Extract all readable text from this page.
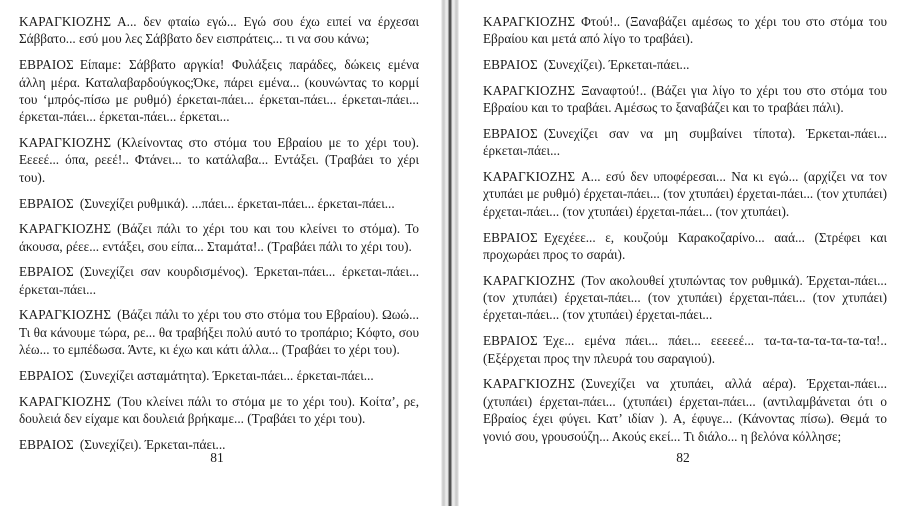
ΚΑΡΑΓΚΙΟΖΗΣ Α... δεν φταίω εγώ... Εγώ σου έχω ειπεί να έρχεσαι Σάββατο... εσύ μου λες Σάββατο δεν εισπράτεις... τι να σου κάνω;

ΕΒΡΑΙΟΣ Είπαμε: Σάββατο αργκία! Φυλάξεις παράδες, δώκεις εμένα άλλη μέρα. Καταλαβαρδούγκος;Όκε, πάρει εμένα... (κουνώντας το κορμί του ‘μπρός-πίσω με ρυθμό) έρκεται-πάει... έρκεται-πάει... έρκεται-πάει... έρκεται-πάει... έρκεται-πάει... έρκεται...

ΚΑΡΑΓΚΙΟΖΗΣ (Κλείνοντας στο στόμα του Εβραίου με το χέρι του). Εεεεέ... όπα, ρεεέ!.. Φτάνει... το κατάλαβα... Εντάξει. (Τραβάει το χέρι του).

ΕΒΡΑΙΟΣ (Συνεχίζει ρυθμικά). ...πάει... έρκεται-πάει... έρκεται-πάει...

ΚΑΡΑΓΚΙΟΖΗΣ (Βάζει πάλι το χέρι του και του κλείνει το στόμα). Το άκουσα, ρέεε... εντάξει, σου είπα... Σταμάτα!.. (Τραβάει πάλι το χέρι του).

ΕΒΡΑΙΟΣ (Συνεχίζει σαν κουρδισμένος). Έρκεται-πάει... έρκεται-πάει... έρκεται-πάει...

ΚΑΡΑΓΚΙΟΖΗΣ (Βάζει πάλι το χέρι του στο στόμα του Εβραίου). Ωωώ... Τι θα κάνουμε τώρα, ρε... θα τραβήξει πολύ αυτό το τροπάριο; Κόφτο, σου λέω... το εμπέδωσα. Άντε, κι έχω και κάτι άλλα... (Τραβάει το χέρι του).

ΕΒΡΑΙΟΣ (Συνεχίζει ασταμάτητα). Έρκεται-πάει... έρκεται-πάει...

ΚΑΡΑΓΚΙΟΖΗΣ (Του κλείνει πάλι το στόμα με το χέρι του). Κοίτα’, ρε, δουλειά δεν είχαμε και δουλειά βρήκαμε... (Τραβάει το χέρι του).

ΕΒΡΑΙΟΣ (Συνεχίζει). Έρκεται-πάει...

81

ΚΑΡΑΓΚΙΟΖΗΣ Φτού!.. (Ξαναβάζει αμέσως το χέρι του στο στόμα του Εβραίου και μετά από λίγο το τραβάει).

ΕΒΡΑΙΟΣ (Συνεχίζει). Έρκεται-πάει...

ΚΑΡΑΓΚΙΟΖΗΣ Ξαναφτού!.. (Βάζει για λίγο το χέρι του στο στόμα του Εβραίου και το τραβάει. Αμέσως το ξαναβάζει και το τραβάει πάλι).

ΕΒΡΑΙΟΣ (Συνεχίζει σαν να μη συμβαίνει τίποτα). Έρκεται-πάει... έρκεται-πάει...

ΚΑΡΑΓΚΙΟΖΗΣ Α... εσύ δεν υποφέρεσαι... Να κι εγώ... (αρχίζει να τον χτυπάει με ρυθμό) έρχεται-πάει... (τον χτυπάει) έρχεται-πάει... (τον χτυπάει) έρχεται-πάει... (τον χτυπάει) έρχεται-πάει... (τον χτυπάει).

ΕΒΡΑΙΟΣ Εχεχέεε... ε, κουζούμ Καρακοζαρίνο... ααά... (Στρέφει και προχωράει προς το σαράι).

ΚΑΡΑΓΚΙΟΖΗΣ (Τον ακολουθεί χτυπώντας τον ρυθμικά). Έρχεται-πάει... (τον χτυπάει) έρχεται-πάει... (τον χτυπάει) έρχεται-πάει... (τον χτυπάει) έρχεται-πάει... (τον χτυπάει) έρχεται-πάει...

ΕΒΡΑΙΟΣ Έχε... εμένα πάει... πάει... εεεεεέ... τα-τα-τα-τα-τα-τα-τα!.. (Εξέρχεται προς την πλευρά του σαραγιού).

ΚΑΡΑΓΚΙΟΖΗΣ (Συνεχίζει να χτυπάει, αλλά αέρα). Έρχεται-πάει... (χτυπάει) έρχεται-πάει... (χτυπάει) έρχεται-πάει... (αντιλαμβάνεται ότι ο Εβραίος έχει φύγει. Κατ’ ιδίαν ). Α, έφυγε... (Κάνοντας πίσω). Θεμά το γονιό σου, γρουσούζη... Ακούς εκεί... Τι διάλο... η βελόνα κόλλησε;

82
